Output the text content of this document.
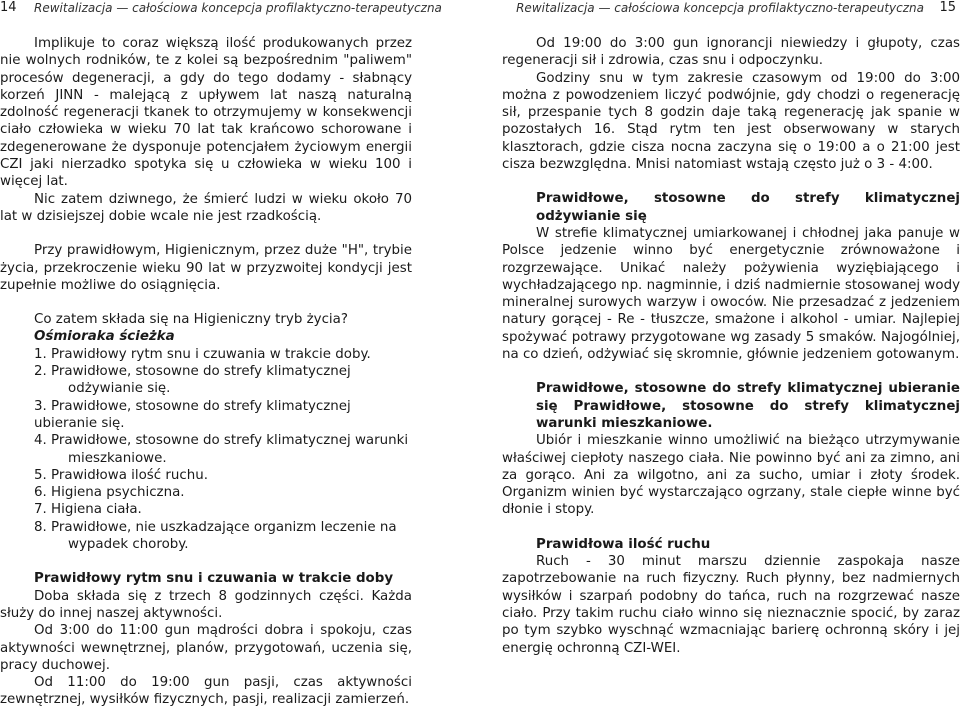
14 Rewitalizacja — całościowa koncepcja profilaktyczno-terapeutyczna

Implikuje to coraz większą ilość produkowanych przez nie wolnych rodników, te z kolei są bezpośrednim "paliwem" procesów degeneracji, a gdy do tego dodamy - słabnący korzeń JINN - malejącą z upływem lat naszą naturalną zdolność regeneracji tkanek to otrzymujemy w konsekwencji ciało człowieka w wieku 70 lat tak krańcowo schorowane i zdegenerowane że dysponuje potencjałem życiowym energii CZI jaki nierzadko spotyka się u człowieka w wieku 100 i więcej lat.

Nic zatem dziwnego, że śmierć ludzi w wieku około 70 lat w dzisiejszej dobie wcale nie jest rzadkością.

Przy prawidłowym, Higienicznym, przez duże "H", trybie życia, przekroczenie wieku 90 lat w przyzwoitej kondycji jest zupełnie możliwe do osiągnięcia.

Co zatem składa się na Higieniczny tryb życia?

Ośmioraka ścieżka

1. Prawidłowy rytm snu i czuwania w trakcie doby.
2. Prawidłowe, stosowne do strefy klimatycznej
odżywianie się.
3. Prawidłowe, stosowne do strefy klimatycznej ubieranie się.
4. Prawidłowe, stosowne do strefy klimatycznej warunki
mieszkaniowe.
5. Prawidłowa ilość ruchu.
6. Higiena psychiczna.
7. Higiena ciała.
8. Prawidłowe, nie uszkadzające organizm leczenie na
wypadek choroby.

Prawidłowy rytm snu i czuwania w trakcie doby

Doba składa się z trzech 8 godzinnych części. Każda służy do innej naszej aktywności.

Od 3:00 do 11:00 gun mądrości dobra i spokoju, czas aktywności wewnętrznej, planów, przygotowań, uczenia się, pracy duchowej.

Od 11:00 do 19:00 gun pasji, czas aktywności zewnętrznej, wysiłków fizycznych, pasji, realizacji zamierzeń.

Rewitalizacja — całościowa koncepcja profilaktyczno-terapeutyczna 15

Od 19:00 do 3:00 gun ignorancji niewiedzy i głupoty, czas regeneracji sił i zdrowia, czas snu i odpoczynku.

Godziny snu w tym zakresie czasowym od 19:00 do 3:00 można z powodzeniem liczyć podwójnie, gdy chodzi o regenerację sił, przespanie tych 8 godzin daje taką regenerację jak spanie w pozostałych 16. Stąd rytm ten jest obserwowany w starych klasztorach, gdzie cisza nocna zaczyna się o 19:00 a o 21:00 jest cisza bezwzględna. Mnisi natomiast wstają często już o 3 - 4:00.

Prawidłowe, stosowne do strefy klimatycznej odżywianie się

W strefie klimatycznej umiarkowanej i chłodnej jaka panuje w Polsce jedzenie winno być energetycznie zrównoważone i rozgrzewające. Unikać należy pożywienia wyziębiającego i wychładzającego np. nagminnie, i dziś nadmiernie stosowanej wody mineralnej surowych warzyw i owoców. Nie przesadzać z jedzeniem natury gorącej - Re - tłuszcze, smażone i alkohol - umiar. Najlepiej spożywać potrawy przygotowane wg zasady 5 smaków. Najogólniej, na co dzień, odżywiać się skromnie, głównie jedzeniem gotowanym.

Prawidłowe, stosowne do strefy klimatycznej ubieranie się Prawidłowe, stosowne do strefy klimatycznej warunki mieszkaniowe.

Ubiór i mieszkanie winno umożliwić na bieżąco utrzymywanie właściwej ciepłoty naszego ciała. Nie powinno być ani za zimno, ani za gorąco. Ani za wilgotno, ani za sucho, umiar i złoty środek. Organizm winien być wystarczająco ogrzany, stale ciepłe winne być dłonie i stopy.

Prawidłowa ilość ruchu

Ruch - 30 minut marszu dziennie zaspokaja nasze zapotrzebowanie na ruch fizyczny. Ruch płynny, bez nadmiernych wysiłków i szarpań podobny do tańca, ruch na rozgrzewać nasze ciało. Przy takim ruchu ciało winno się nieznacznie spocić, by zaraz po tym szybko wyschnąć wzmacniając barierę ochronną skóry i jej energię ochronną CZI-WEI.
